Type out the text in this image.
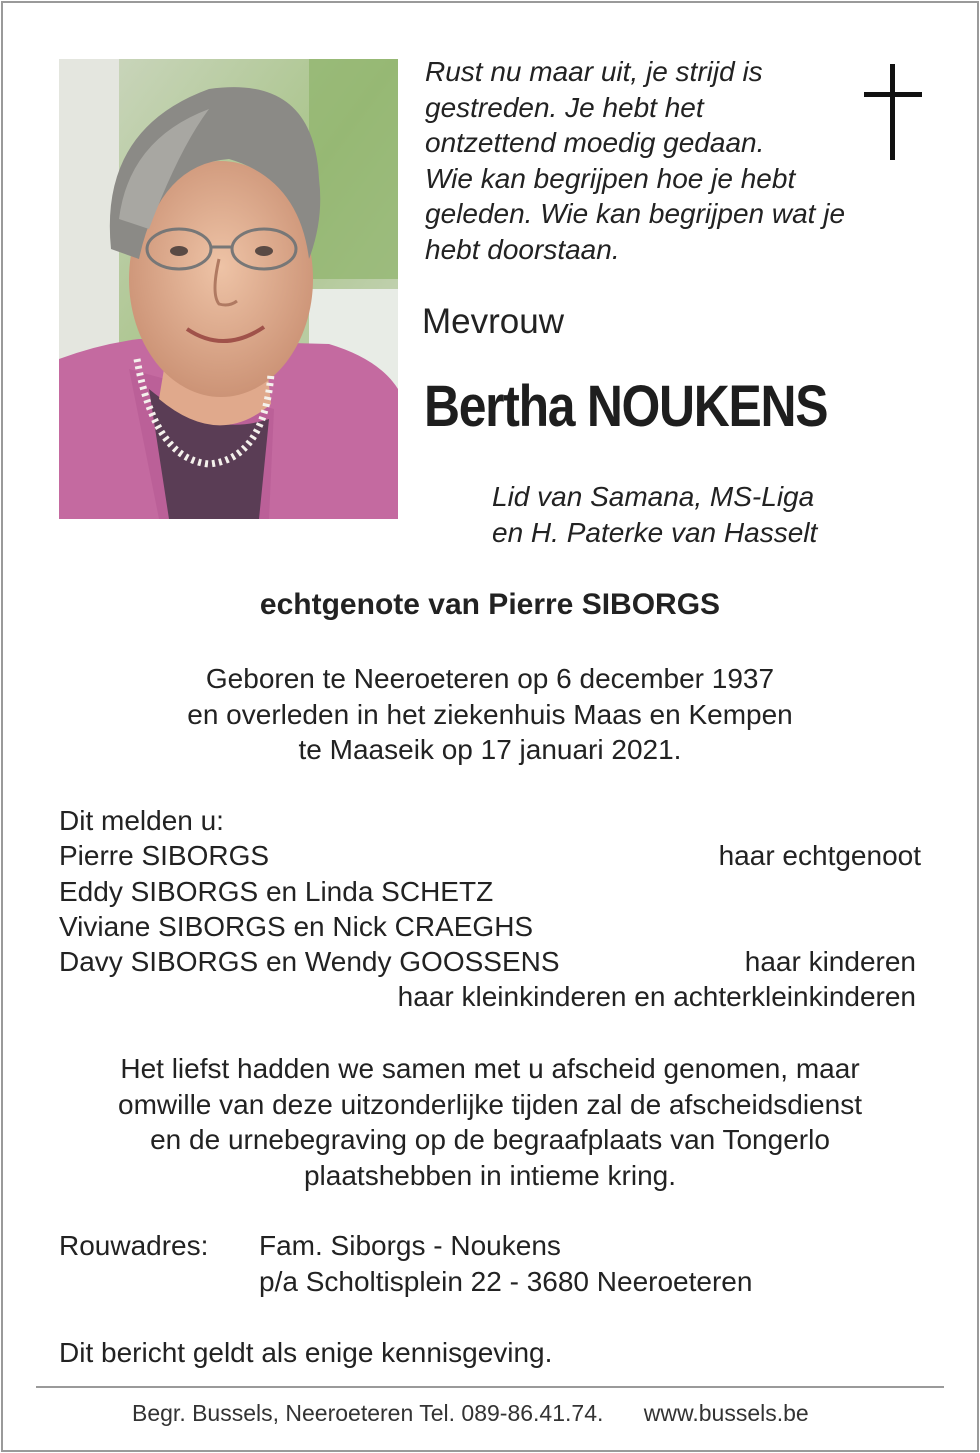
Rust nu maar uit, je strijd is
gestreden. Je hebt het
ontzettend moedig gedaan.
Wie kan begrijpen hoe je hebt
geleden. Wie kan begrijpen wat je
hebt doorstaan.
Mevrouw
Bertha NOUKENS
Lid van Samana, MS-Liga
en H. Paterke van Hasselt
echtgenote van Pierre SIBORGS
Geboren te Neeroeteren op 6 december 1937
en overleden in het ziekenhuis Maas en Kempen
te Maaseik op 17 januari 2021.
Dit melden u:
Pierre SIBORGS	haar echtgenoot
Eddy SIBORGS en Linda SCHETZ
Viviane SIBORGS en Nick CRAEGHS
Davy SIBORGS en Wendy GOOSSENS	haar kinderen
haar kleinkinderen en achterkleinkinderen
Het liefst hadden we samen met u afscheid genomen, maar
omwille van deze uitzonderlijke tijden zal de afscheidsdienst
en de urnebegraving op de begraafplaats van Tongerlo
plaatshebben in intieme kring.
Rouwadres: Fam. Siborgs - Noukens
p/a Scholtisplein 22 - 3680 Neeroeteren
Dit bericht geldt als enige kennisgeving.
Begr. Bussels, Neeroeteren Tel. 089-86.41.74. www.bussels.be
